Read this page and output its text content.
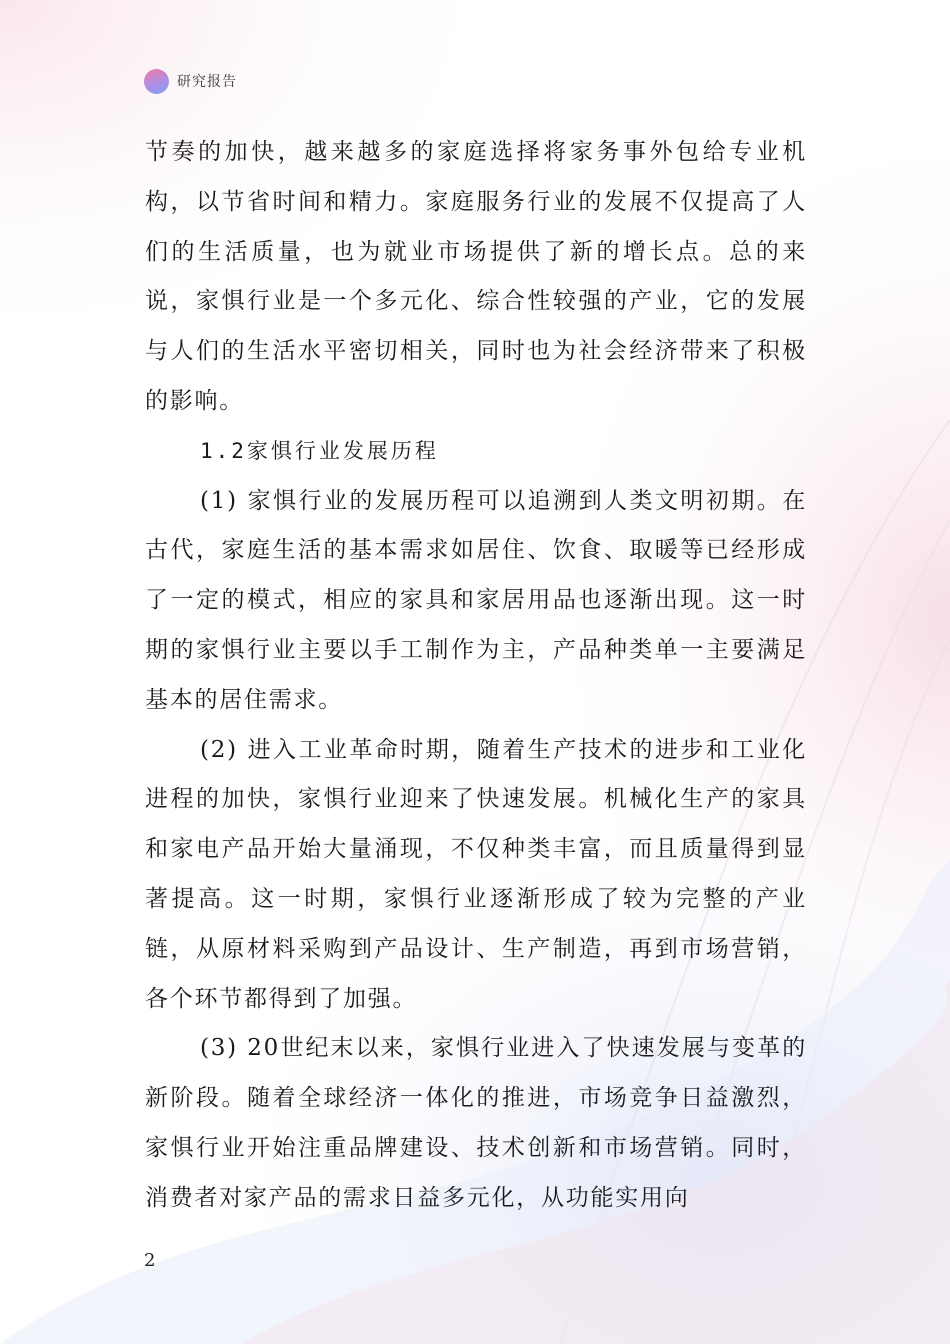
研究报告

节奏的加快，越来越多的家庭选择将家务事外包给专业机构，以节省时间和精力。家庭服务行业的发展不仅提高了人们的生活质量，也为就业市场提供了新的增长点。总的来说，家惧行业是一个多元化、综合性较强的产业，它的发展与人们的生活水平密切相关，同时也为社会经济带来了积极的影响。

1.2家惧行业发展历程

(1) 家惧行业的发展历程可以追溯到人类文明初期。在古代，家庭生活的基本需求如居住、饮食、取暖等已经形成了一定的模式，相应的家具和家居用品也逐渐出现。这一时期的家惧行业主要以手工制作为主，产品种类单一主要满足基本的居住需求。

(2) 进入工业革命时期，随着生产技术的进步和工业化进程的加快，家惧行业迎来了快速发展。机械化生产的家具和家电产品开始大量涌现，不仅种类丰富，而且质量得到显著提高。这一时期，家惧行业逐渐形成了较为完整的产业链，从原材料采购到产品设计、生产制造，再到市场营销，各个环节都得到了加强。

(3) 20世纪末以来，家惧行业进入了快速发展与变革的新阶段。随着全球经济一体化的推进，市场竞争日益激烈，家惧行业开始注重品牌建设、技术创新和市场营销。同时，消费者对家产品的需求日益多元化，从功能实用向

2
